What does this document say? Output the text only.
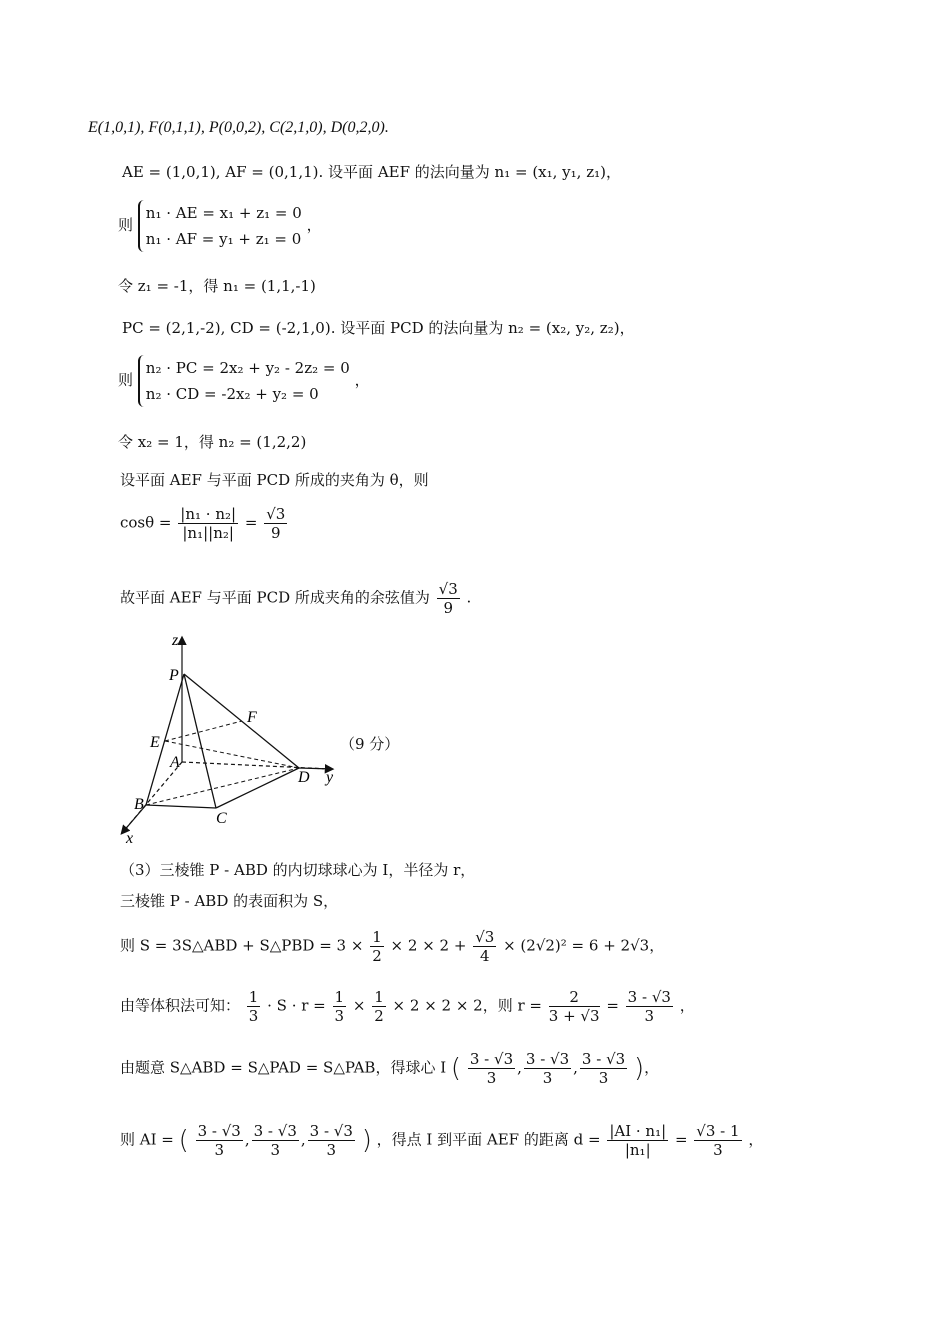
E(1,0,1), F(0,1,1), P(0,0,2), C(2,1,0), D(0,2,0).
AE = (1,0,1), AF = (0,1,1). 设平面 AEF 的法向量为 n₁ = (x₁, y₁, z₁)，
则
n₁ · AE = x₁ + z₁ = 0
n₁ · AF = y₁ + z₁ = 0
，
令 z₁ = -1，得 n₁ = (1,1,-1)
PC = (2,1,-2), CD = (-2,1,0). 设平面 PCD 的法向量为 n₂ = (x₂, y₂, z₂)，
则
n₂ · PC = 2x₂ + y₂ - 2z₂ = 0
n₂ · CD = -2x₂ + y₂ = 0
，
令 x₂ = 1，得 n₂ = (1,2,2)
设平面 AEF 与平面 PCD 所成的夹角为 θ，则
$\cos\theta = \frac{\text{|n₁ · n₂|}}{\text{|n₁||n₂|}} = \frac{√3}{9}$
故平面 AEF 与平面 PCD 所成夹角的余弦值为 $\frac{√3}{9}$ .
z
P
F
E
A
D y
B
C
x
（9 分）
（3）三棱锥 P - ABD 的内切球球心为 I，半径为 r，
三棱锥 P - ABD 的表面积为 S，
则 S = 3S△ABD + S△PBD = $3 \times \frac{1}{2} \times 2 \times 2 + \frac{√3}{4} \times (2√2)^2 = 6 + 2√3$，
由等体积法可知： $\frac{1}{3} \cdot S \cdot r = \frac{1}{3} \times \frac{1}{2} \times 2 \times 2 \times 2$，则 $r = \frac{2}{3 + √3} = \frac{3 - √3}{3}$ ，
由题意 S△ABD = S△PAD = S△PAB，得球心 I ( $\frac{3 - √3}{3}$ , $\frac{3 - √3}{3}$ , $\frac{3 - √3}{3}$ )，
则 AI = ( $\frac{3 - √3}{3}$ , $\frac{3 - √3}{3}$ , $\frac{3 - √3}{3}$ ) ，得点 I 到平面 AEF 的距离 $d = \frac{\text{|AI · n₁|}}{\text{|n₁|}} = \frac{√3 - 1}{3}$ ，
